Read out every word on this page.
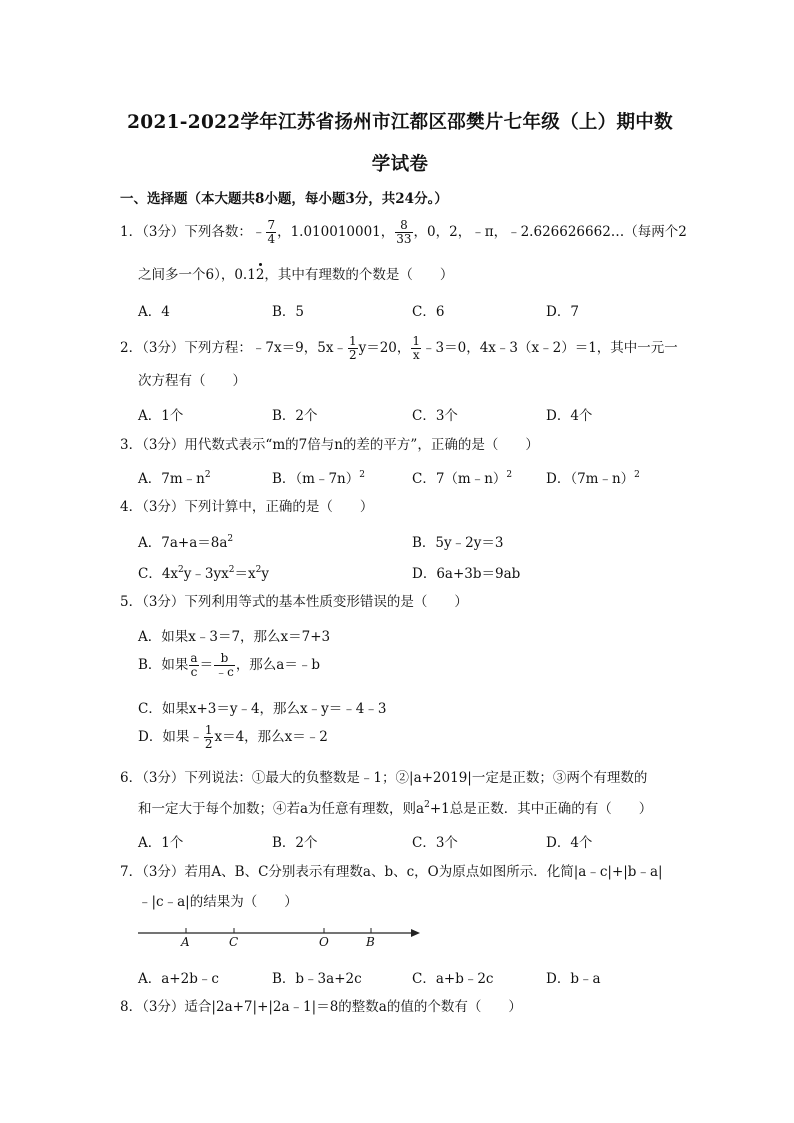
2021-2022学年江苏省扬州市江都区邵樊片七年级（上）期中数
学试卷
一、选择题（本大题共8小题，每小题3分，共24分。）
1．（3分）下列各数：﹣ $\frac{7}{4}$ ，1.010010001， $\frac{8}{33}$ ，0，2，﹣π，﹣2.626626662…（每两个2
之间多一个6），0.12，其中有理数的个数是（　　）
A．4	B．5	C．6	D．7
2．（3分）下列方程：﹣7x＝9，5x﹣ $\frac{1}{2} y=20$， $\frac{1}{x}$ ﹣3＝0，4x﹣3（x﹣2）＝1，其中一元一
次方程有（　　）
A．1个	B．2个	C．3个	D．4个
3．（3分）用代数式表示“m的7倍与n的差的平方”，正确的是（　　）
A．$7m﹣n^2$	B．（m﹣7n）$^2$	C．7（m﹣n）$^2$	D．（7m﹣n）$^2$
4．（3分）下列计算中，正确的是（　　）
A．$7a+a=8a^2$	B．5y﹣2y＝3
C．$4x^2y﹣3yx^2=x^2y$	D．6a+3b＝9ab
5．（3分）下列利用等式的基本性质变形错误的是（　　）
A．如果x﹣3＝7，那么x＝7+3
B．如果 $\frac{a}{c} = \frac{b}{﹣c}$ ，那么a＝﹣b
C．如果x+3＝y﹣4，那么x﹣y＝﹣4﹣3
D．如果﹣ $\frac{1}{2} x=4$，那么x＝﹣2
6．（3分）下列说法：①最大的负整数是﹣1；②|a+2019|一定是正数；③两个有理数的
和一定大于每个加数；④若a为任意有理数，则$a^2+1$总是正数．其中正确的有（　　）
A．1个	B．2个	C．3个	D．4个
7．（3分）若用A、B、C分别表示有理数a、b、c，O为原点如图所示．化简|a﹣c|+|b﹣a|
﹣|c﹣a|的结果为（　　）
A	C	O	B
A．a+2b﹣c	B．b﹣3a+2c	C．a+b﹣2c	D．b﹣a
8．（3分）适合|2a+7|+|2a﹣1|＝8的整数a的值的个数有（　　）
